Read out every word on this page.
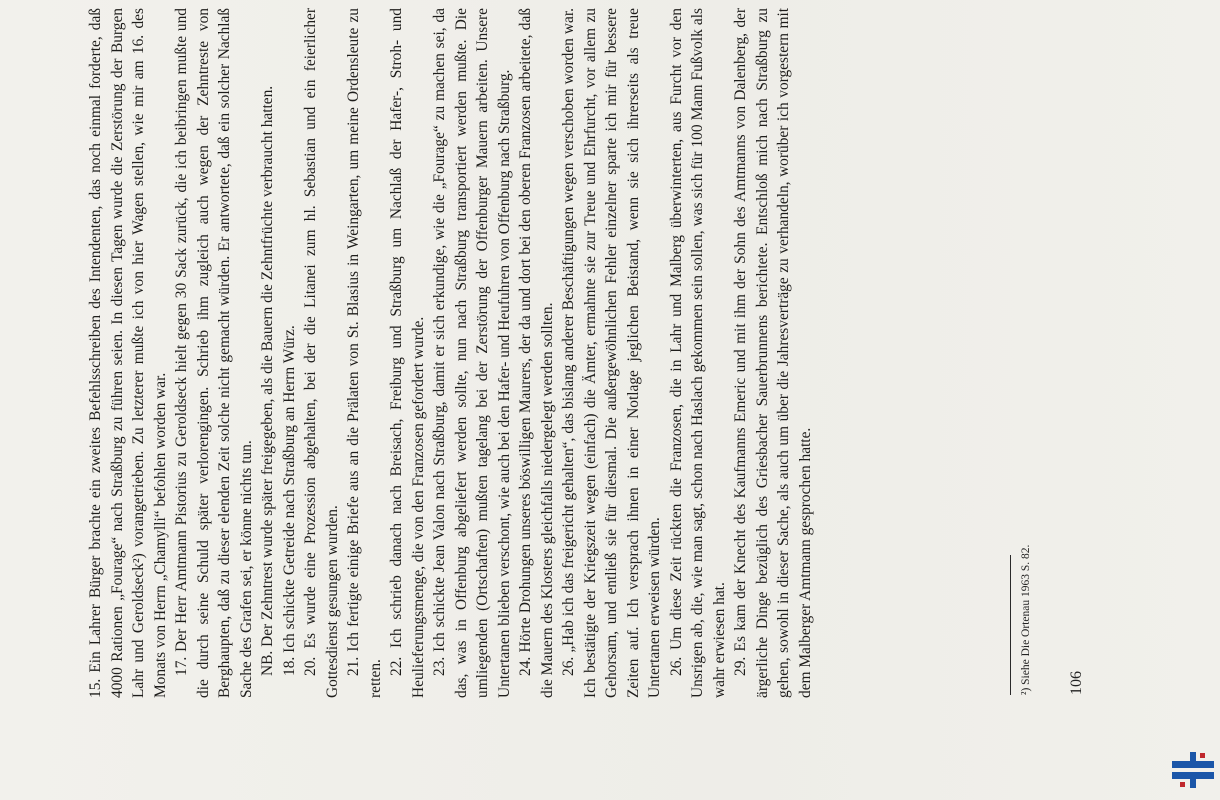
15. Ein Lahrer Bürger brachte ein zweites Befehlsschreiben des Intendenten, das noch einmal forderte, daß 4000 Rationen „Fourage“ nach Straßburg zu führen seien. In diesen Tagen wurde die Zerstörung der Burgen Lahr und Geroldseck²) vorangetrieben. Zu letzterer mußte ich von hier Wagen stellen, wie mir am 16. des Monats von Herrn „Chamylli“ befohlen worden war. 17. Der Herr Amtmann Pistorius zu Geroldseck hielt gegen 30 Sack zurück, die ich beibringen mußte und die durch seine Schuld später verlorengingen. Schrieb ihm zugleich auch wegen der Zehntreste von Berghaupten, daß zu dieser elenden Zeit solche nicht gemacht würden. Er antwortete, daß ein solcher Nachlaß Sache des Grafen sei, er könne nichts tun. NB. Der Zehntrest wurde später freigegeben, als die Bauern die Zehntfrüchte verbraucht hatten. 18. Ich schickte Getreide nach Straßburg an Herrn Würz. 20. Es wurde eine Prozession abgehalten, bei der die Litanei zum hl. Sebastian und ein feierlicher Gottesdienst gesungen wurden. 21. Ich fertigte einige Briefe aus an die Prälaten von St. Blasius in Weingarten, um meine Ordensleute zu retten.

22. Ich schrieb danach nach Breisach, Freiburg und Straßburg um Nachlaß der Hafer-, Stroh- und Heulieferungsmenge, die von den Franzosen gefordert wurde. 23. Ich schickte Jean Valon nach Straßburg, damit er sich erkundige, wie die „Fourage“ zu machen sei, da das, was in Offenburg abgeliefert werden sollte, nun nach Straßburg transportiert werden mußte. Die umliegenden (Ortschaften) mußten tagelang bei der Zerstörung der Offenburger Mauern arbeiten. Unsere Untertanen blieben verschont, wie auch bei den Hafer- und Heufuhren von Offenburg nach Straßburg. 24. Hörte Drohungen unseres böswilligen Maurers, der da und dort bei den oberen Franzosen arbeitete, daß die Mauern des Klosters gleichfalls niedergelegt werden sollten. 26. „Hab ich das freigericht gehalten“, das bislang anderer Beschäftigungen wegen verschoben worden war. Ich bestätigte der Kriegszeit wegen (einfach) die Ämter, ermahnte sie zur Treue und Ehrfurcht, vor allem zu Gehorsam, und entließ sie für diesmal. Die außergewöhnlichen Fehler einzelner sparte ich mir für bessere Zeiten auf. Ich versprach ihnen in einer Notlage jeglichen Beistand, wenn sie sich ihrerseits als treue Untertanen erweisen würden. 26. Um diese Zeit rückten die Franzosen, die in Lahr und Malberg überwinterten, aus Furcht vor den Unsrigen ab, die, wie man sagt, schon nach Haslach gekommen sein sollen, was sich für 100 Mann Fußvolk als wahr erwiesen hat. 29. Es kam der Knecht des Kaufmanns Emeric und mit ihm der Sohn des Amtmanns von Dalenberg, der ärgerliche Dinge bezüglich des Griesbacher Sauerbrunnens berichtete. Entschloß mich nach Straßburg zu gehen, sowohl in dieser Sache, als auch um über die Jahresverträge zu verhandeln, worüber ich vorgestern mit dem Malberger Amtmann gesprochen hatte.	²) Siehe Die Ortenau 1963 S. 82. 106
